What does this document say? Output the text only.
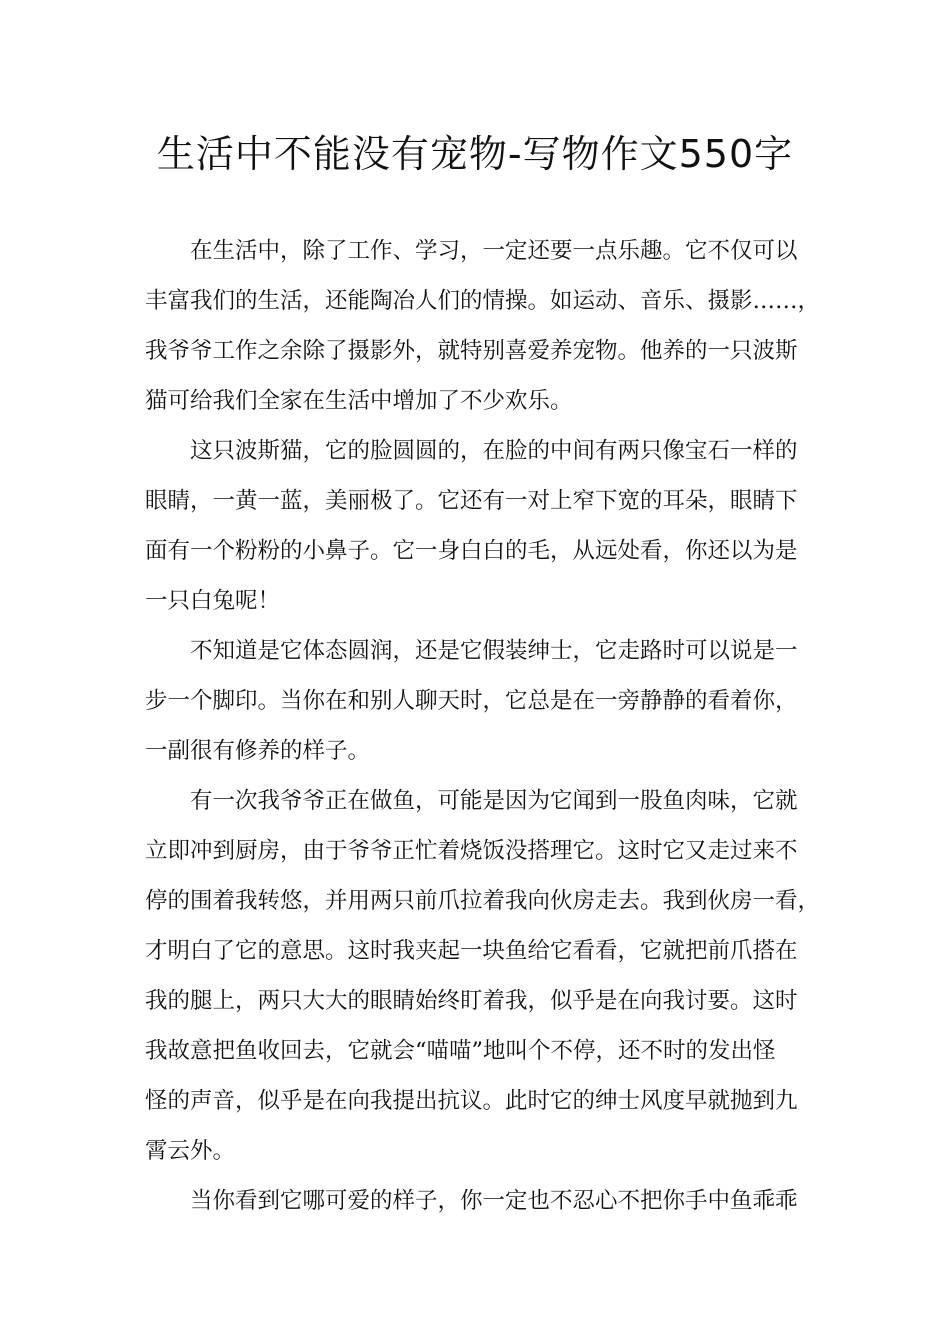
生活中不能没有宠物-写物作文550字

在生活中，除了工作、学习，一定还要一点乐趣。它不仅可以

丰富我们的生活，还能陶冶人们的情操。如运动、音乐、摄影……，

我爷爷工作之余除了摄影外，就特别喜爱养宠物。他养的一只波斯

猫可给我们全家在生活中增加了不少欢乐。

这只波斯猫，它的脸圆圆的，在脸的中间有两只像宝石一样的

眼睛，一黄一蓝，美丽极了。它还有一对上窄下宽的耳朵，眼睛下

面有一个粉粉的小鼻子。它一身白白的毛，从远处看，你还以为是

一只白兔呢！

不知道是它体态圆润，还是它假装绅士，它走路时可以说是一

步一个脚印。当你在和别人聊天时，它总是在一旁静静的看着你，

一副很有修养的样子。

有一次我爷爷正在做鱼，可能是因为它闻到一股鱼肉味，它就

立即冲到厨房，由于爷爷正忙着烧饭没搭理它。这时它又走过来不

停的围着我转悠，并用两只前爪拉着我向伙房走去。我到伙房一看，

才明白了它的意思。这时我夹起一块鱼给它看看，它就把前爪搭在

我的腿上，两只大大的眼睛始终盯着我，似乎是在向我讨要。这时

我故意把鱼收回去，它就会“喵喵”地叫个不停，还不时的发出怪

怪的声音，似乎是在向我提出抗议。此时它的绅士风度早就抛到九

霄云外。

当你看到它哪可爱的样子，你一定也不忍心不把你手中鱼乖乖
